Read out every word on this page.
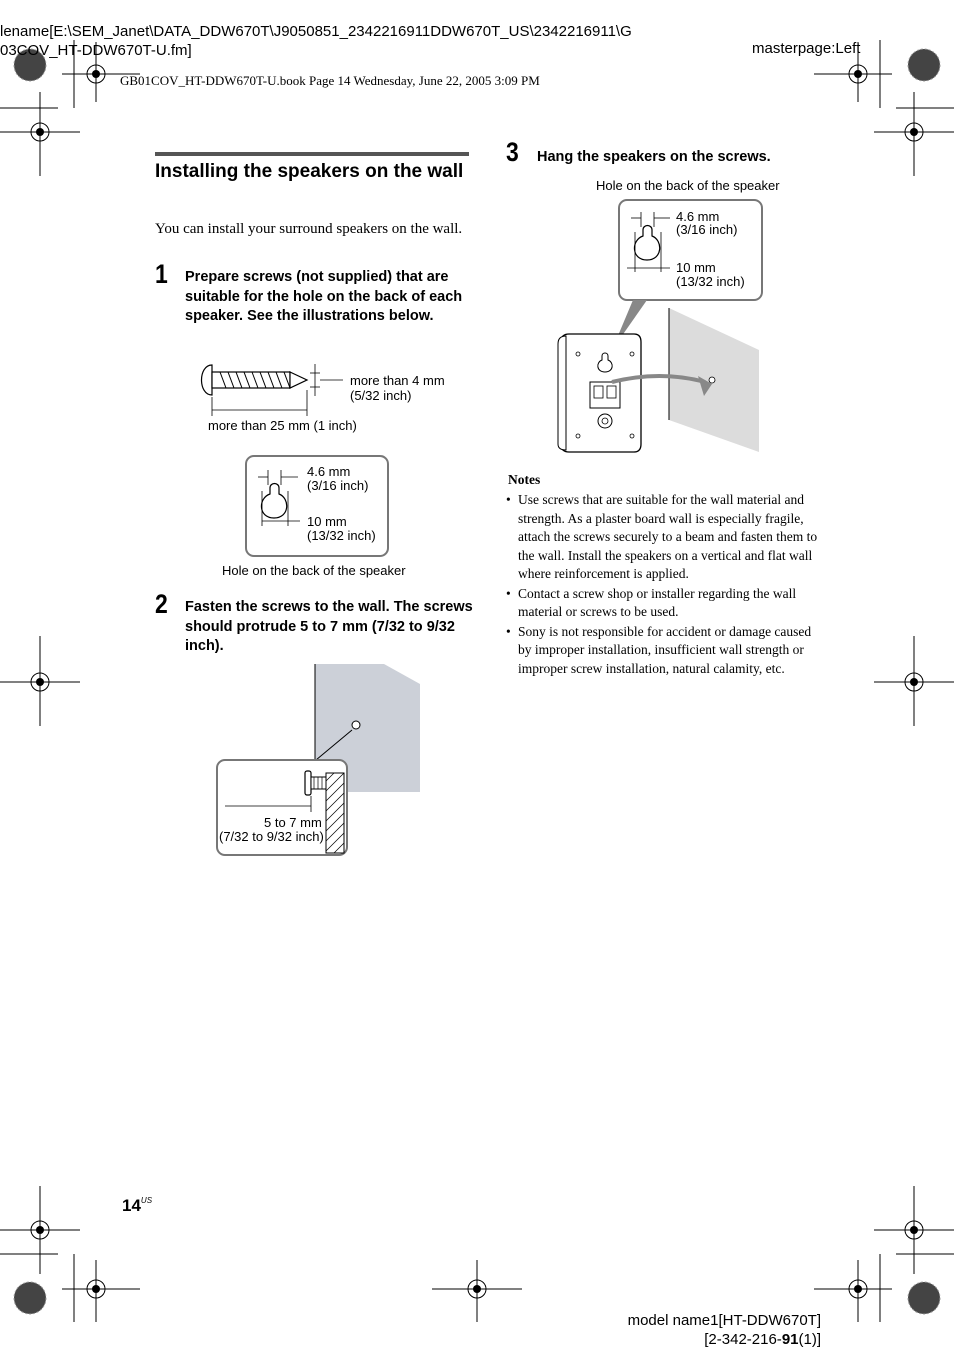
lename[E:\SEM_Janet\DATA_DDW670T\J9050851_2342216911DDW670T_US\2342216911\G
03COV_HT-DDW670T-U.fm]	masterpage:Left
GB01COV_HT-DDW670T-U.book Page 14 Wednesday, June 22, 2005 3:09 PM
Installing the speakers on the wall
You can install your surround speakers on the wall.
1 Prepare screws (not supplied) that are suitable for the hole on the back of each speaker. See the illustrations below.
more than 4 mm
(5/32 inch)
more than 25 mm (1 inch)
4.6 mm
(3/16 inch)
10 mm
(13/32 inch)
Hole on the back of the speaker
2 Fasten the screws to the wall. The screws should protrude 5 to 7 mm (7/32 to 9/32 inch).
5 to 7 mm
(7/32 to 9/32 inch)
3 Hang the speakers on the screws.
Hole on the back of the speaker
4.6 mm
(3/16 inch)
10 mm
(13/32 inch)
Notes
• Use screws that are suitable for the wall material and strength. As a plaster board wall is especially fragile, attach the screws securely to a beam and fasten them to the wall. Install the speakers on a vertical and flat wall where reinforcement is applied.
• Contact a screw shop or installer regarding the wall material or screws to be used.
• Sony is not responsible for accident or damage caused by improper installation, insufficient wall strength or improper screw installation, natural calamity, etc.
$14^{US}$
model name1[HT-DDW670T]
[2-342-216-91(1)]
